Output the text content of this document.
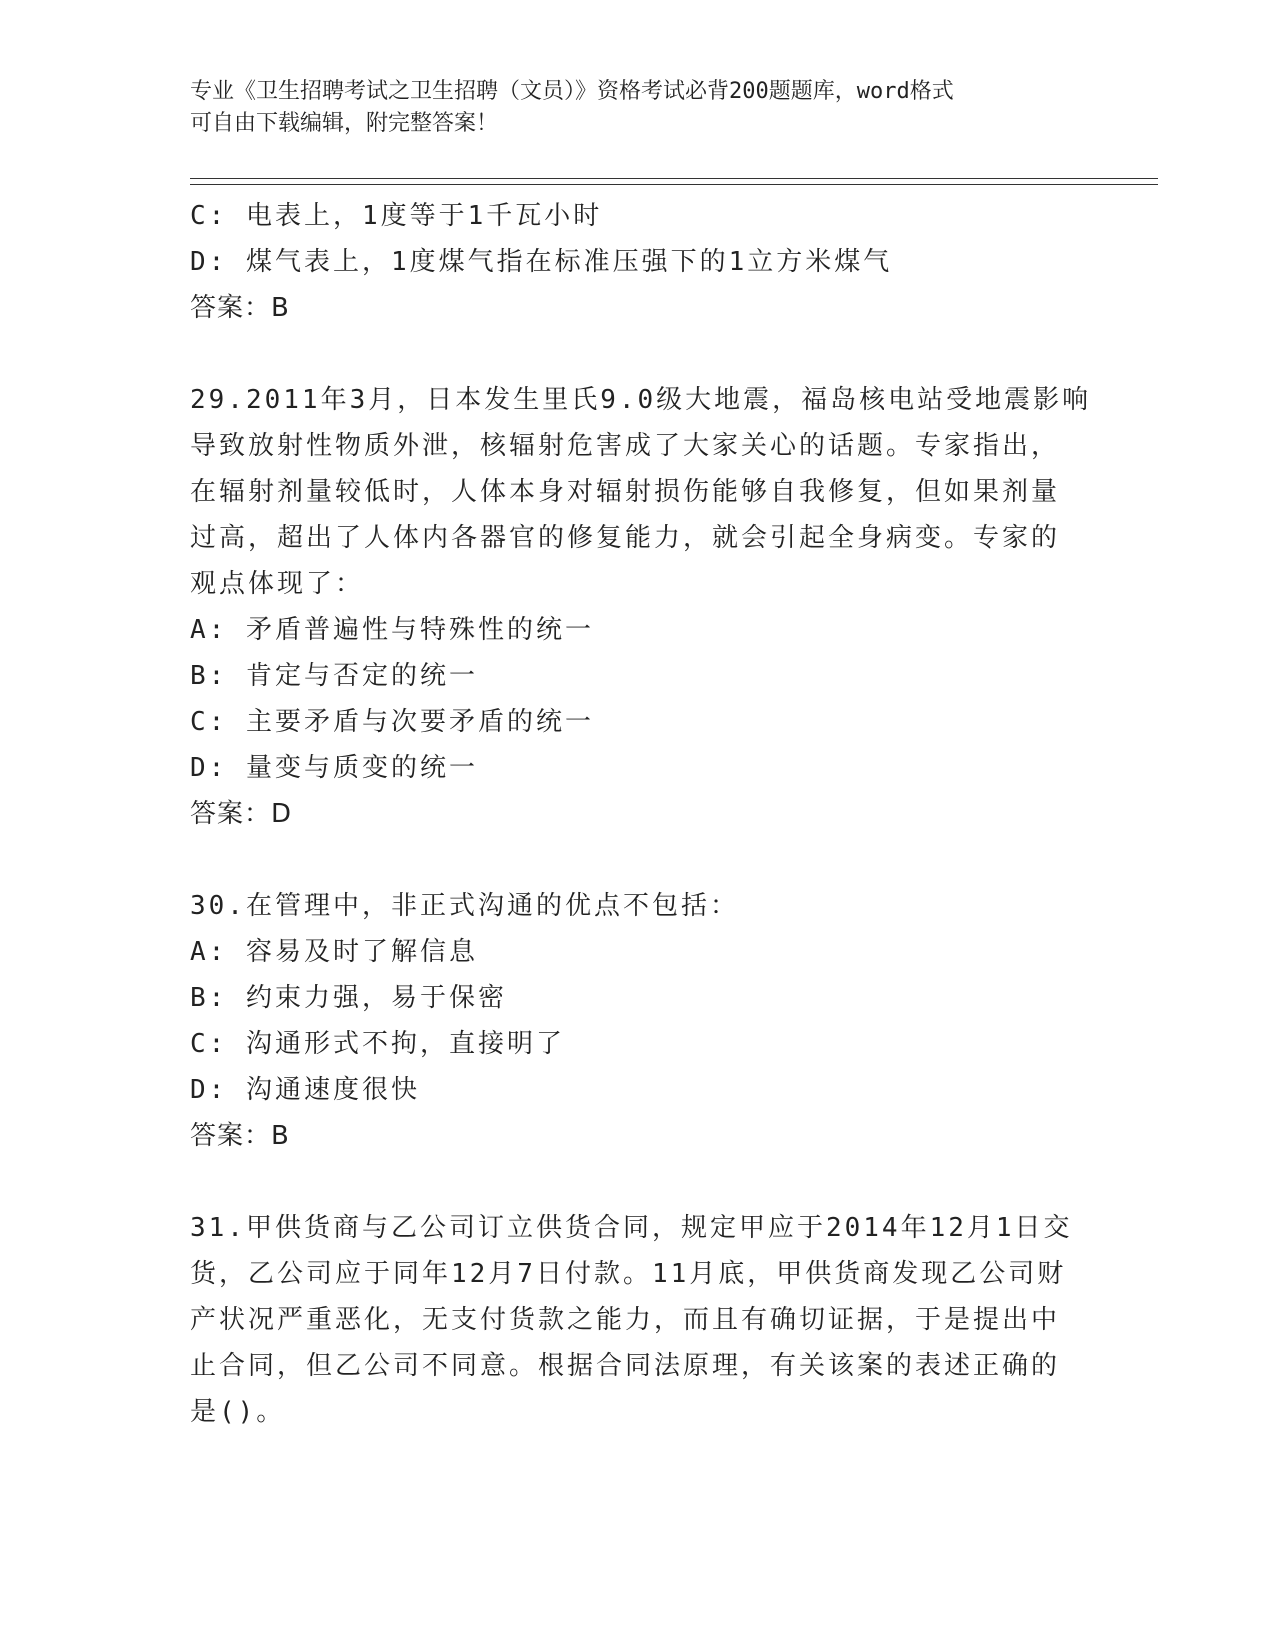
专业《卫生招聘考试之卫生招聘（文员）》资格考试必背200题题库，word格式
可自由下载编辑，附完整答案！
C: 电表上，1度等于1千瓦小时
D: 煤气表上，1度煤气指在标准压强下的1立方米煤气
答案：B
29.2011年3月，日本发生里氏9.0级大地震，福岛核电站受地震影响
导致放射性物质外泄，核辐射危害成了大家关心的话题。专家指出，
在辐射剂量较低时，人体本身对辐射损伤能够自我修复，但如果剂量
过高，超出了人体内各器官的修复能力，就会引起全身病变。专家的
观点体现了：
A: 矛盾普遍性与特殊性的统一
B: 肯定与否定的统一
C: 主要矛盾与次要矛盾的统一
D: 量变与质变的统一
答案：D
30.在管理中，非正式沟通的优点不包括：
A: 容易及时了解信息
B: 约束力强，易于保密
C: 沟通形式不拘，直接明了
D: 沟通速度很快
答案：B
31.甲供货商与乙公司订立供货合同，规定甲应于2014年12月1日交
货，乙公司应于同年12月7日付款。11月底，甲供货商发现乙公司财
产状况严重恶化，无支付货款之能力，而且有确切证据，于是提出中
止合同，但乙公司不同意。根据合同法原理，有关该案的表述正确的
是()。
